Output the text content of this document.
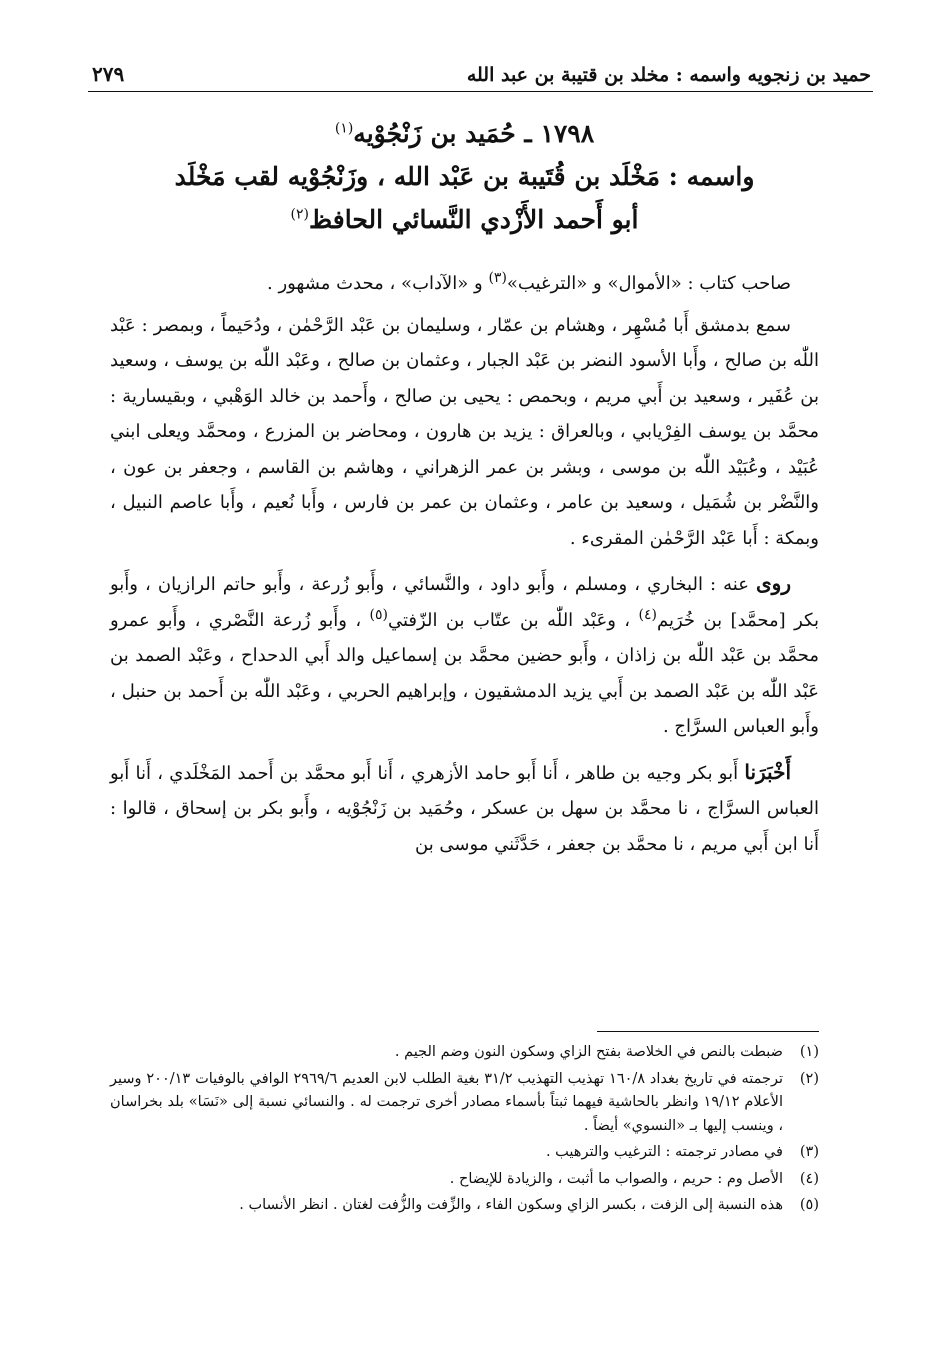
حميد بن زنجويه واسمه : مخلد بن قتيبة بن عبد الله
٢٧٩
١٧٩٨ ـ حُمَيد بن زَنْجُوْيه$^{(١)}$
واسمه : مَخْلَد بن قُتَيبة بن عَبْد الله ، وزَنْجُوْيه لقب مَخْلَد
أبو أَحمد الأَزْدي النَّسائي الحافظ$^{(٢)}$

صاحب كتاب : «الأموال» و «الترغيب»$^{(٣)}$ و «الآداب» ، محدث مشهور .

سمع بدمشق أَبا مُسْهِر ، وهشام بن عمّار ، وسليمان بن عَبْد الرَّحْمٰن ، ودُحَيماً ، وبمصر : عَبْد اللّٰه بن صالح ، وأَبا الأسود النضر بن عَبْد الجبار ، وعثمان بن صالح ، وعَبْد اللّٰه بن يوسف ، وسعيد بن عُفَير ، وسعيد بن أَبي مريم ، وبحمص : يحيى بن صالح ، وأَحمد بن خالد الوَهْبي ، وبقيسارية : محمَّد بن يوسف الفِرْيابي ، وبالعراق : يزيد بن هارون ، ومحاضر بن المزرع ، ومحمَّد ويعلى ابني عُبَيْد ، وعُبَيْد اللّٰه بن موسى ، وبشر بن عمر الزهراني ، وهاشم بن القاسم ، وجعفر بن عون ، والنَّضْر بن شُمَيل ، وسعيد بن عامر ، وعثمان بن عمر بن فارس ، وأَبا نُعيم ، وأَبا عاصم النبيل ، وبمكة : أَبا عَبْد الرَّحْمٰن المقرىء .

روى عنه : البخاري ، ومسلم ، وأَبو داود ، والنَّسائي ، وأَبو زُرعة ، وأَبو حاتم الرازيان ، وأَبو بكر [محمَّد] بن خُرَيم$^{(٤)}$ ، وعَبْد اللّٰه بن عتّاب بن الزّفتي$^{(٥)}$ ، وأَبو زُرعة النَّصْري ، وأَبو عمرو محمَّد بن عَبْد اللّٰه بن زاذان ، وأَبو حضين محمَّد بن إسماعيل والد أَبي الدحداح ، وعَبْد الصمد بن عَبْد اللّٰه بن عَبْد الصمد بن أَبي يزيد الدمشقيون ، وإبراهيم الحربي ، وعَبْد اللّٰه بن أَحمد بن حنبل ، وأَبو العباس السرَّاج .

أَخْبَرَنا أَبو بكر وجيه بن طاهر ، أَنا أَبو حامد الأزهري ، أَنا أَبو محمَّد بن أَحمد المَخْلَدي ، أَنا أَبو العباس السرَّاج ، نا محمَّد بن سهل بن عسكر ، وحُمَيد بن زَنْجُوْيه ، وأَبو بكر بن إسحاق ، قالوا : أَنا ابن أَبي مريم ، نا محمَّد بن جعفر ، حَدَّثَني موسى بن

(١)
ضبطت بالنص في الخلاصة بفتح الزاي وسكون النون وضم الجيم .
(٢)
ترجمته في تاريخ بغداد ١٦٠/٨ تهذيب التهذيب ٣١/٢ بغية الطلب لابن العديم ٢٩٦٩/٦ الوافي بالوفيات ٢٠٠/١٣ وسير الأعلام ١٩/١٢ وانظر بالحاشية فيهما ثبتاً بأسماء مصادر أخرى ترجمت له . والنسائي نسبة إلى «نَسَا» بلد بخراسان ، وينسب إليها بـ «النسوي» أيضاً .
(٣)
في مصادر ترجمته : الترغيب والترهيب .
(٤)
الأصل وم : حريم ، والصواب ما أثبت ، والزيادة للإيضاح .
(٥)
هذه النسبة إلى الزفت ، بكسر الزاي وسكون الفاء ، والزِّفت والزُّفت لغتان . انظر الأنساب .
